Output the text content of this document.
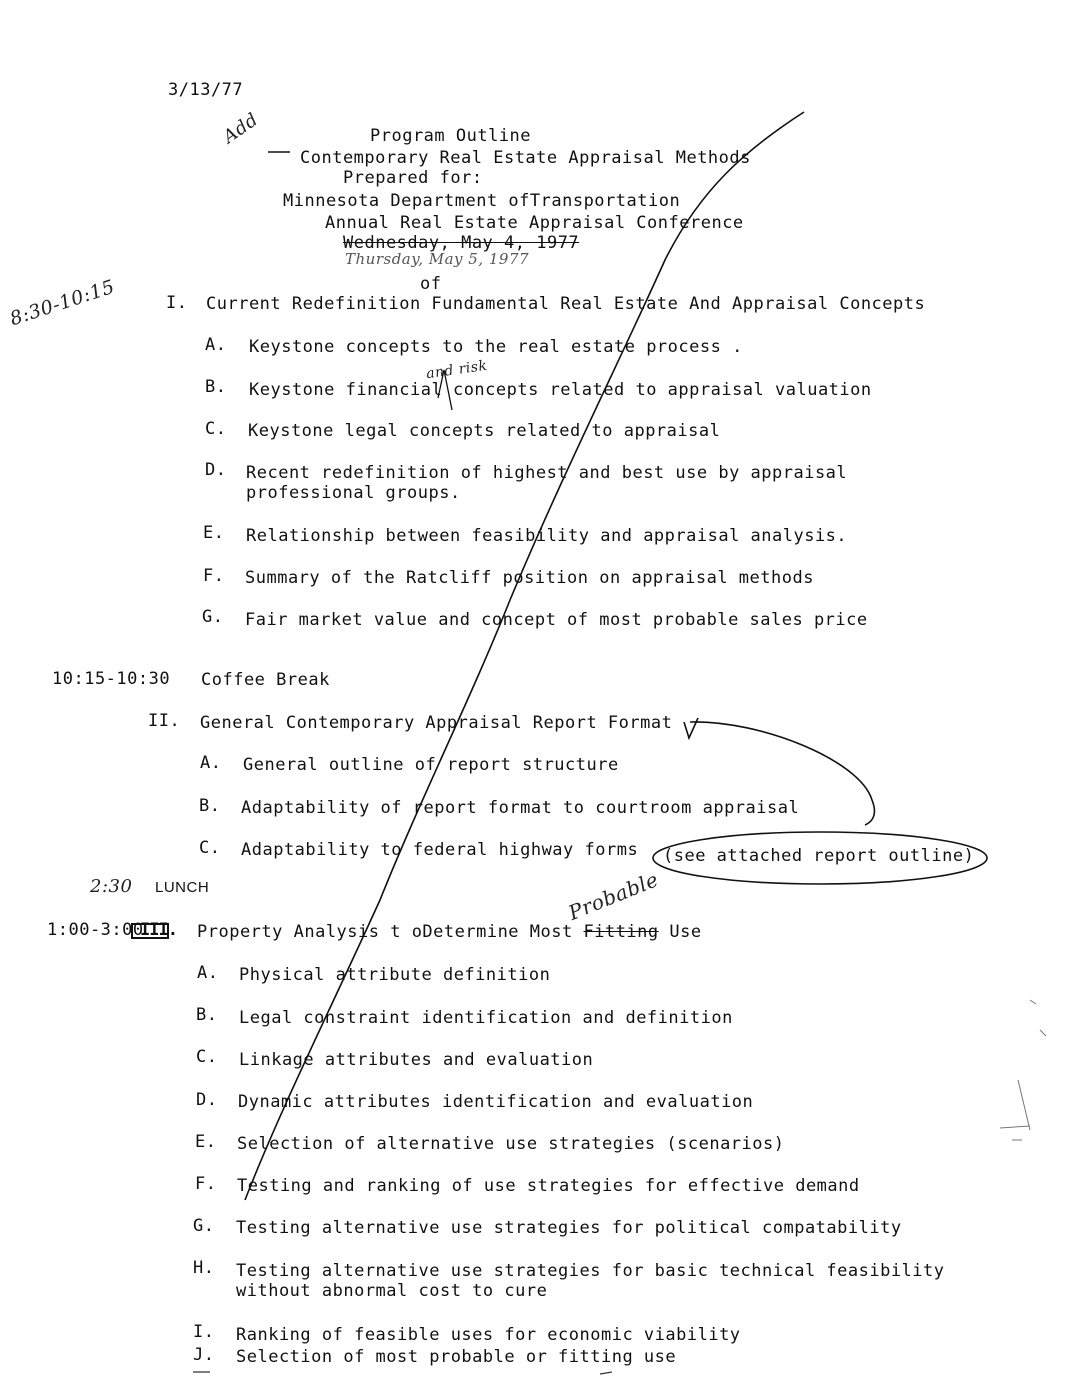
3/13/77
Program Outline
Contemporary Real Estate Appraisal Methods
Prepared for:
Minnesota Department ofTransportation
Annual Real Estate Appraisal Conference
Wednesday, May 4, 1977
Thursday, May 5, 1977
of
Add
8:30-10:15
and risk
I. Current Redefinition Fundamental Real Estate And Appraisal Concepts
A. Keystone concepts to the real estate process .
B. Keystone financial concepts related to appraisal valuation
C. Keystone legal concepts related to appraisal
D. Recent redefinition of highest and best use by appraisal professional groups.
E. Relationship between feasibility and appraisal analysis.
F. Summary of the Ratcliff position on appraisal methods
G. Fair market value and concept of most probable sales price
10:15-10:30 Coffee Break
II. General Contemporary Appraisal Report Format
A. General outline of report structure
B. Adaptability of report format to courtroom appraisal
C. Adaptability to federal highway forms (see attached report outline)
2:30 LUNCH	Probable
1:00-3:00
III. Property Analysis t oDetermine Most Fitting Use
A. Physical attribute definition
B. Legal constraint identification and definition
C. Linkage attributes and evaluation
D. Dynamic attributes identification and evaluation
E. Selection of alternative use strategies (scenarios)
F. Testing and ranking of use strategies for effective demand
G. Testing alternative use strategies for political compatability
H. Testing alternative use strategies for basic technical feasibility without abnormal cost to cure
I. Ranking of feasible uses for economic viability
J. Selection of most probable or fitting use
